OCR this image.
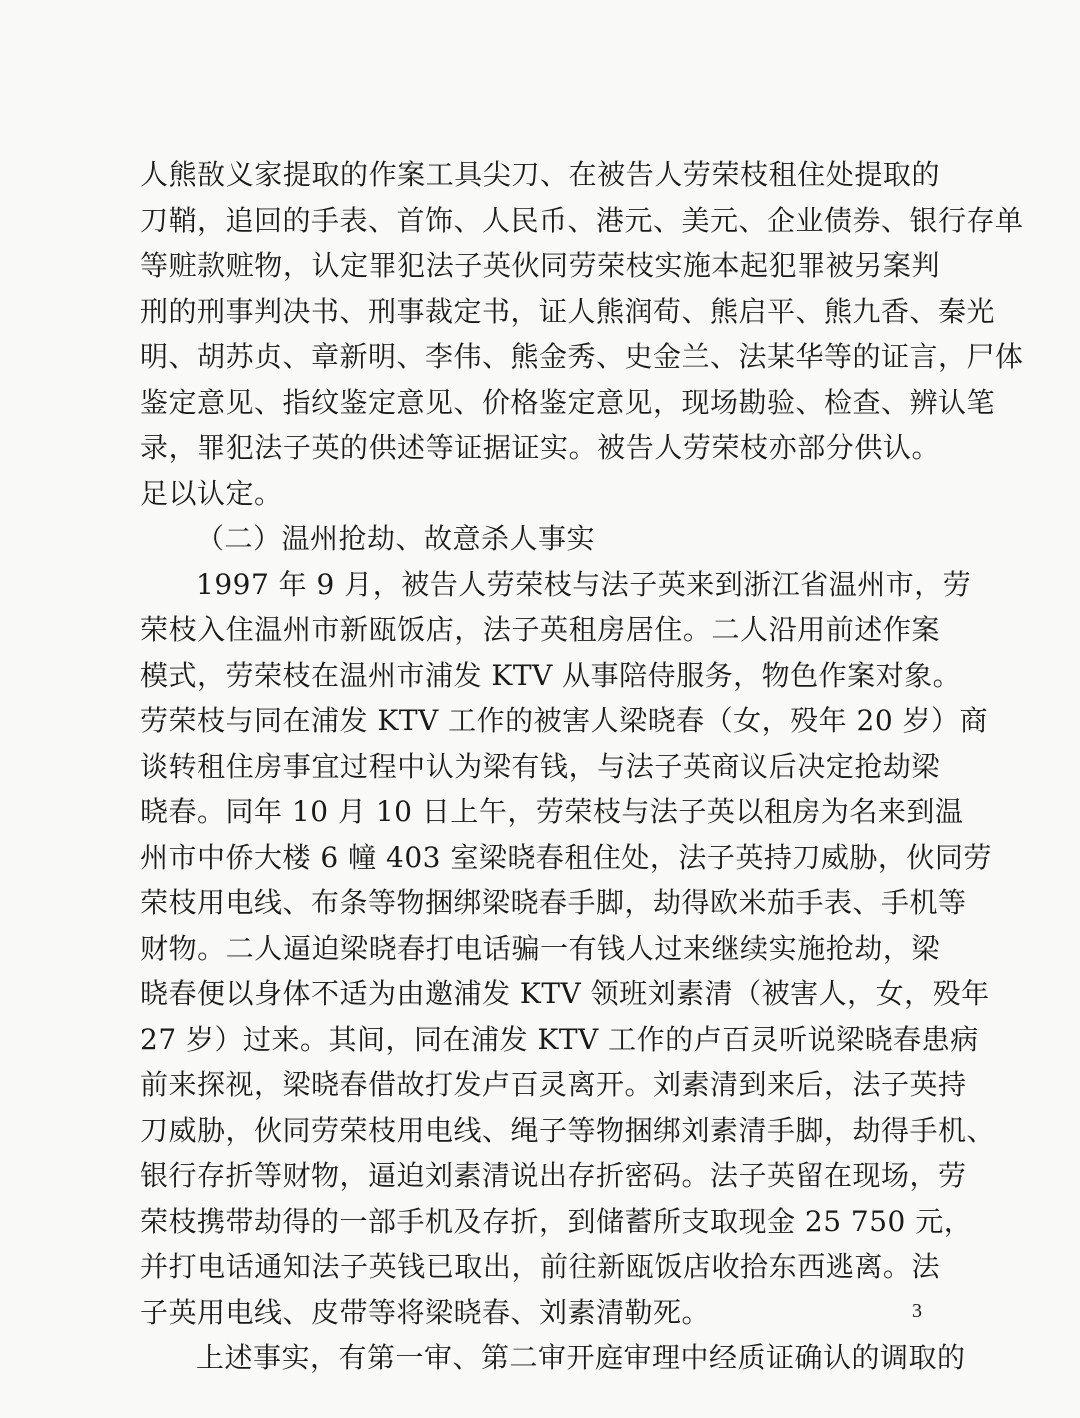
人熊敔义家提取的作案工具尖刀、在被告人劳荣枝租住处提取的
刀鞘，追回的手表、首饰、人民币、港元、美元、企业债券、银行存单
等赃款赃物，认定罪犯法子英伙同劳荣枝实施本起犯罪被另案判
刑的刑事判决书、刑事裁定书，证人熊润荀、熊启平、熊九香、秦光
明、胡苏贞、章新明、李伟、熊金秀、史金兰、法某华等的证言，尸体
鉴定意见、指纹鉴定意见、价格鉴定意见，现场勘验、检查、辨认笔
录，罪犯法子英的供述等证据证实。被告人劳荣枝亦部分供认。
足以认定。
（二）温州抢劫、故意杀人事实
1997 年 9 月，被告人劳荣枝与法子英来到浙江省温州市，劳
荣枝入住温州市新瓯饭店，法子英租房居住。二人沿用前述作案
模式，劳荣枝在温州市浦发 KTV 从事陪侍服务，物色作案对象。
劳荣枝与同在浦发 KTV 工作的被害人梁晓春（女，殁年 20 岁）商
谈转租住房事宜过程中认为梁有钱，与法子英商议后决定抢劫梁
晓春。同年 10 月 10 日上午，劳荣枝与法子英以租房为名来到温
州市中侨大楼 6 幢 403 室梁晓春租住处，法子英持刀威胁，伙同劳
荣枝用电线、布条等物捆绑梁晓春手脚，劫得欧米茄手表、手机等
财物。二人逼迫梁晓春打电话骗一有钱人过来继续实施抢劫，梁
晓春便以身体不适为由邀浦发 KTV 领班刘素清（被害人，女，殁年
27 岁）过来。其间，同在浦发 KTV 工作的卢百灵听说梁晓春患病
前来探视，梁晓春借故打发卢百灵离开。刘素清到来后，法子英持
刀威胁，伙同劳荣枝用电线、绳子等物捆绑刘素清手脚，劫得手机、
银行存折等财物，逼迫刘素清说出存折密码。法子英留在现场，劳
荣枝携带劫得的一部手机及存折，到储蓄所支取现金 25 750 元，
并打电话通知法子英钱已取出，前往新瓯饭店收拾东西逃离。法
子英用电线、皮带等将梁晓春、刘素清勒死。
上述事实，有第一审、第二审开庭审理中经质证确认的调取的
3
